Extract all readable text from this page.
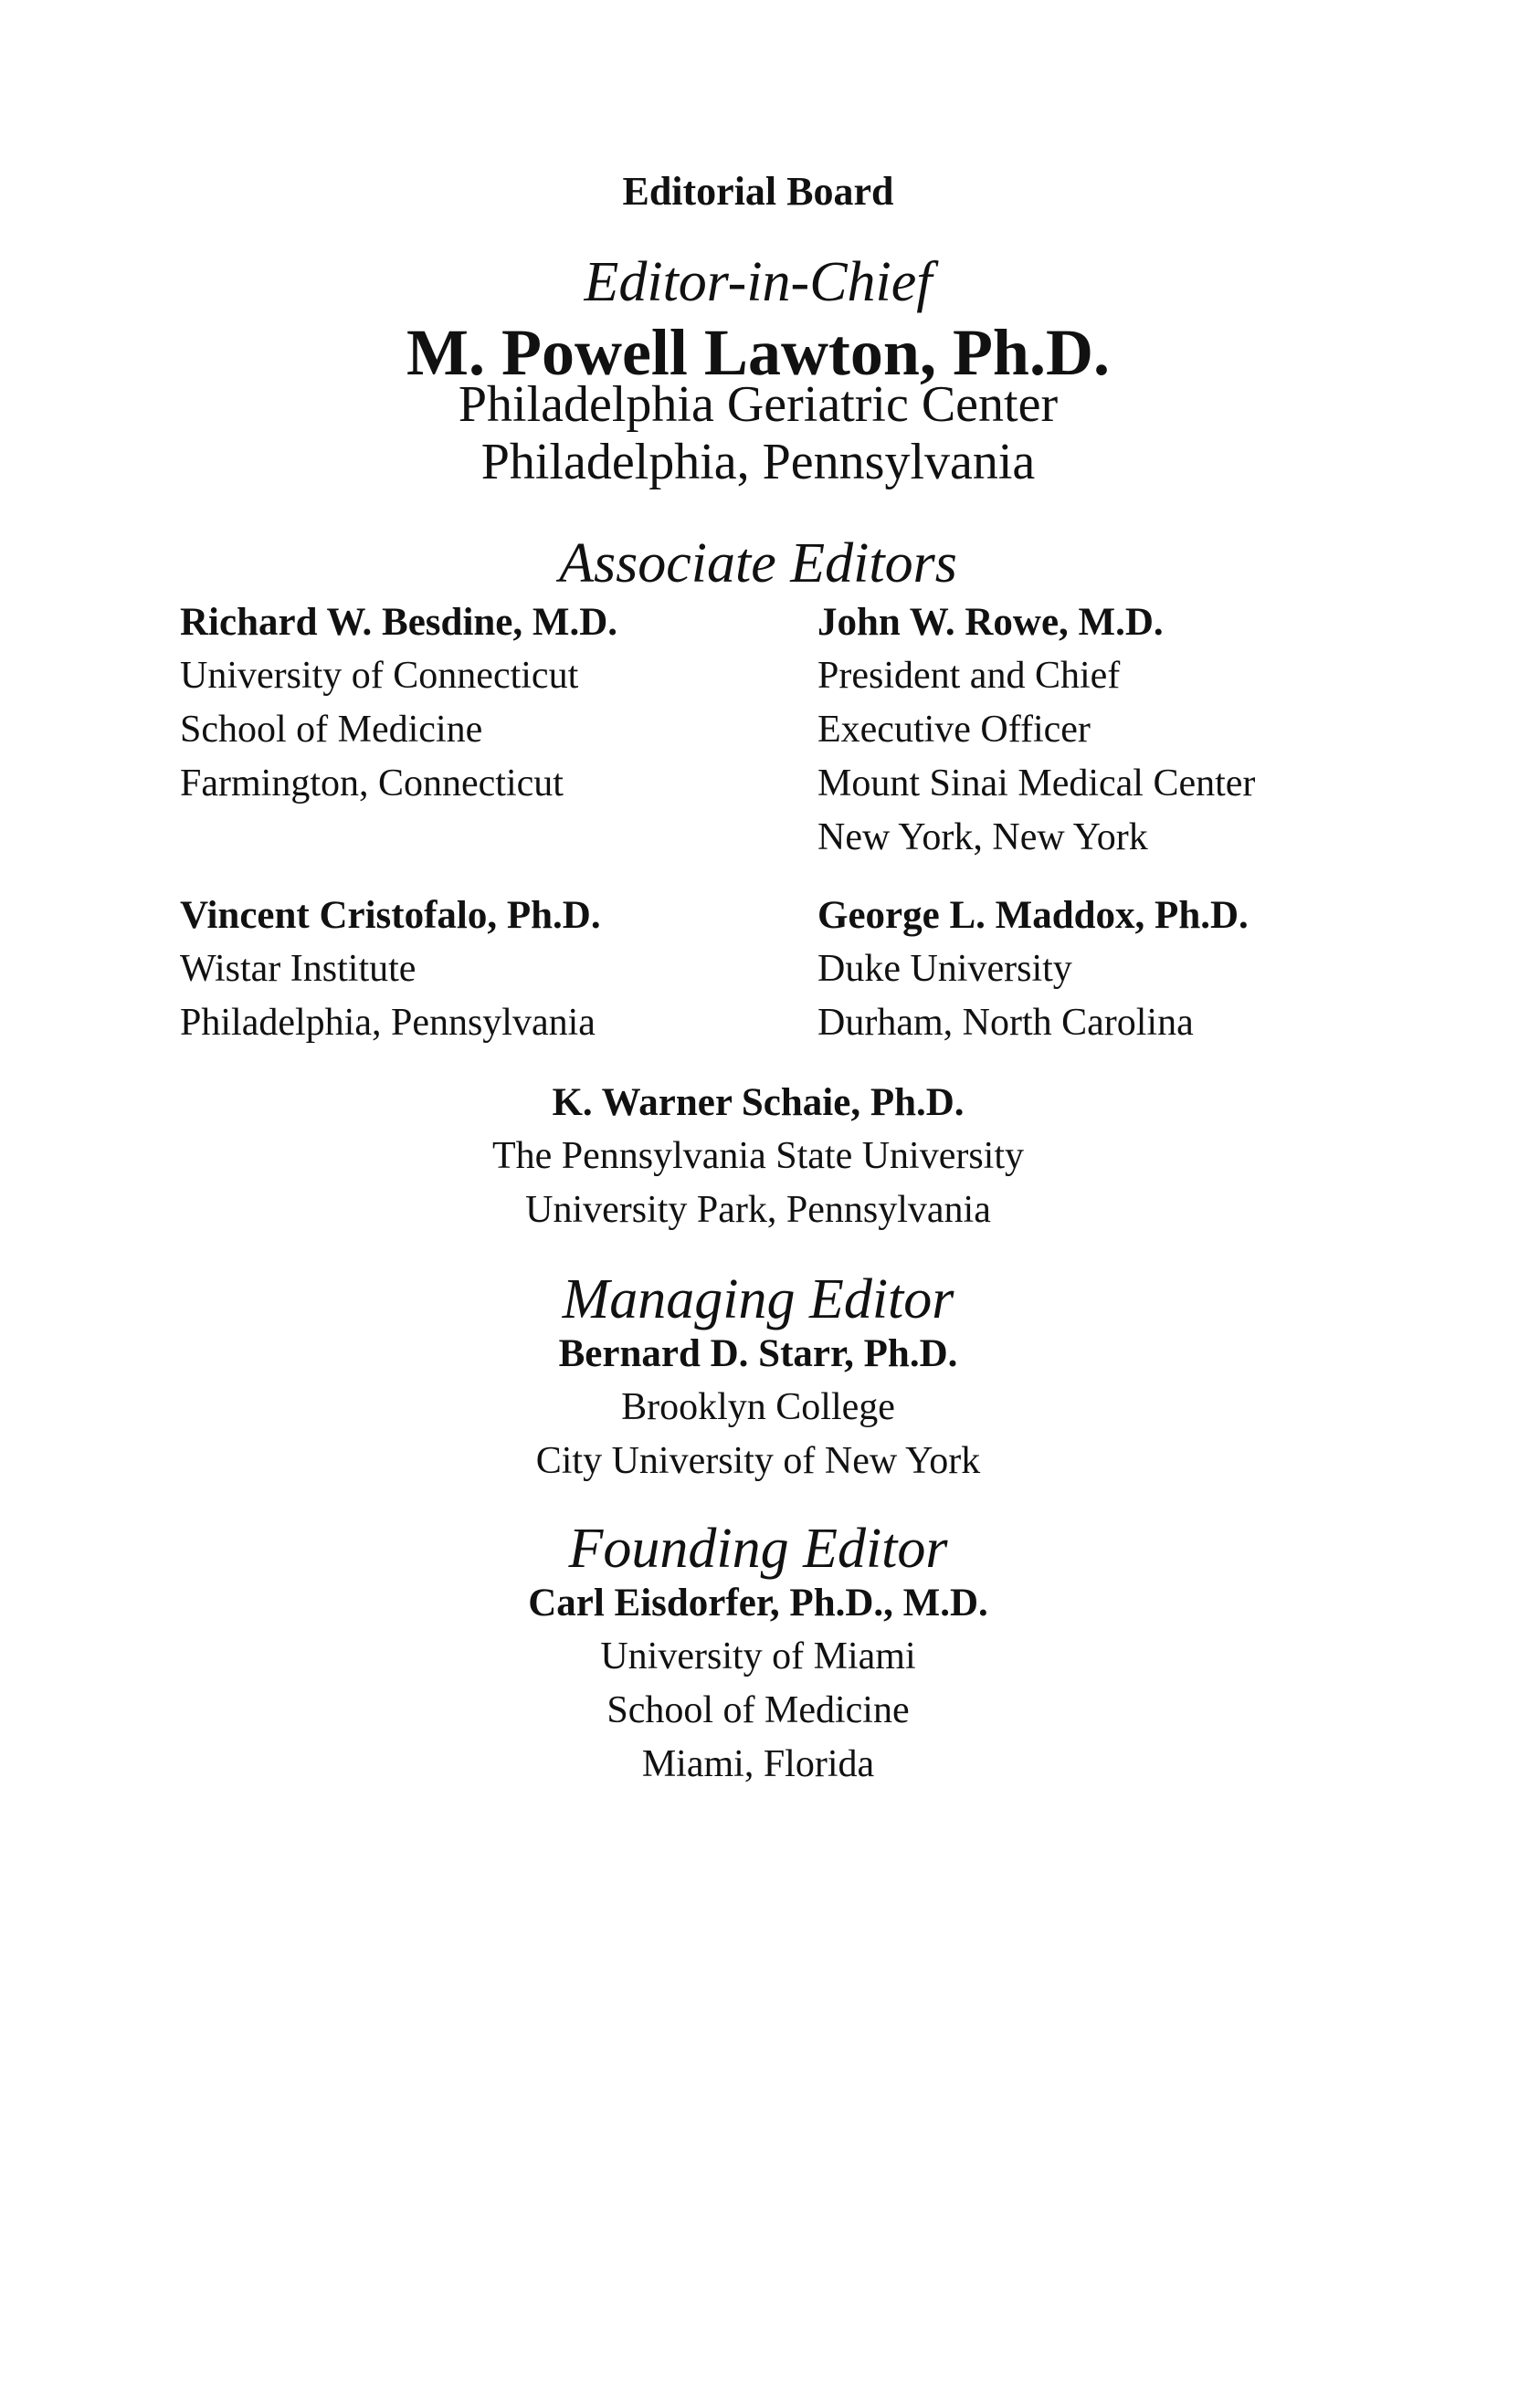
Editorial Board
Editor-in-Chief
M. Powell Lawton, Ph.D.
Philadelphia Geriatric Center
Philadelphia, Pennsylvania
Associate Editors
Richard W. Besdine, M.D.
University of Connecticut
School of Medicine
Farmington, Connecticut
John W. Rowe, M.D.
President and Chief
Executive Officer
Mount Sinai Medical Center
New York, New York
Vincent Cristofalo, Ph.D.
Wistar Institute
Philadelphia, Pennsylvania
George L. Maddox, Ph.D.
Duke University
Durham, North Carolina
K. Warner Schaie, Ph.D.
The Pennsylvania State University
University Park, Pennsylvania
Managing Editor
Bernard D. Starr, Ph.D.
Brooklyn College
City University of New York
Founding Editor
Carl Eisdorfer, Ph.D., M.D.
University of Miami
School of Medicine
Miami, Florida
